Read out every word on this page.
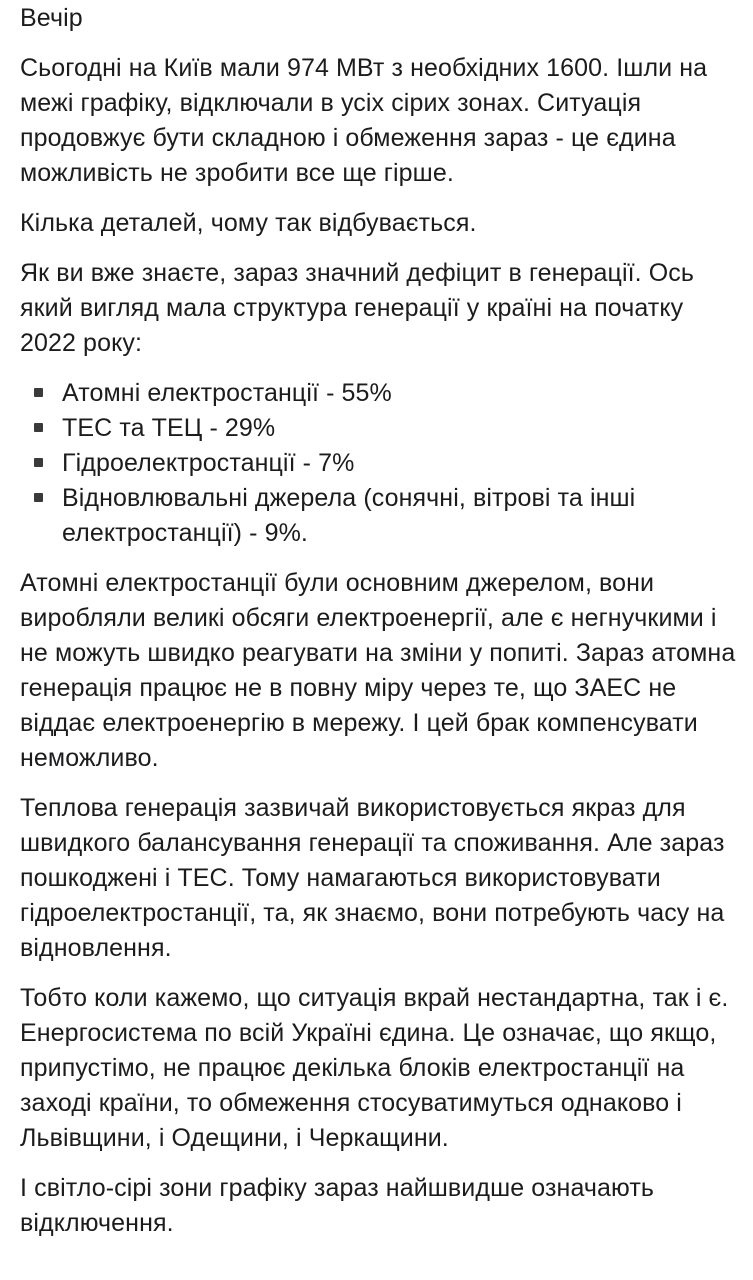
Вечір

Сьогодні на Київ мали 974 МВт з необхідних 1600. Ішли на межі графіку, відключали в усіх сірих зонах. Ситуація продовжує бути складною і обмеження зараз - це єдина можливість не зробити все ще гірше.

Кілька деталей, чому так відбувається.

Як ви вже знаєте, зараз значний дефіцит в генерації. Ось який вигляд мала структура генерації у країні на початку 2022 року:

Атомні електростанції - 55%
ТЕС та ТЕЦ - 29%
Гідроелектростанції - 7%
Відновлювальні джерела (сонячні, вітрові та інші електростанції) - 9%.

Атомні електростанції були основним джерелом, вони виробляли великі обсяги електроенергії, але є негнучкими і не можуть швидко реагувати на зміни у попиті. Зараз атомна генерація працює не в повну міру через те, що ЗАЕС не віддає електроенергію в мережу. І цей брак компенсувати неможливо.

Теплова генерація зазвичай використовується якраз для швидкого балансування генерації та споживання. Але зараз пошкоджені і ТЕС. Тому намагаються використовувати гідроелектростанції, та, як знаємо, вони потребують часу на відновлення.

Тобто коли кажемо, що ситуація вкрай нестандартна, так і є. Енергосистема по всій Україні єдина. Це означає, що якщо, припустімо, не працює декілька блоків електростанції на заході країни, то обмеження стосуватимуться однаково і Львівщини, і Одещини, і Черкащини.

І світло-сірі зони графіку зараз найшвидше означають відключення.
